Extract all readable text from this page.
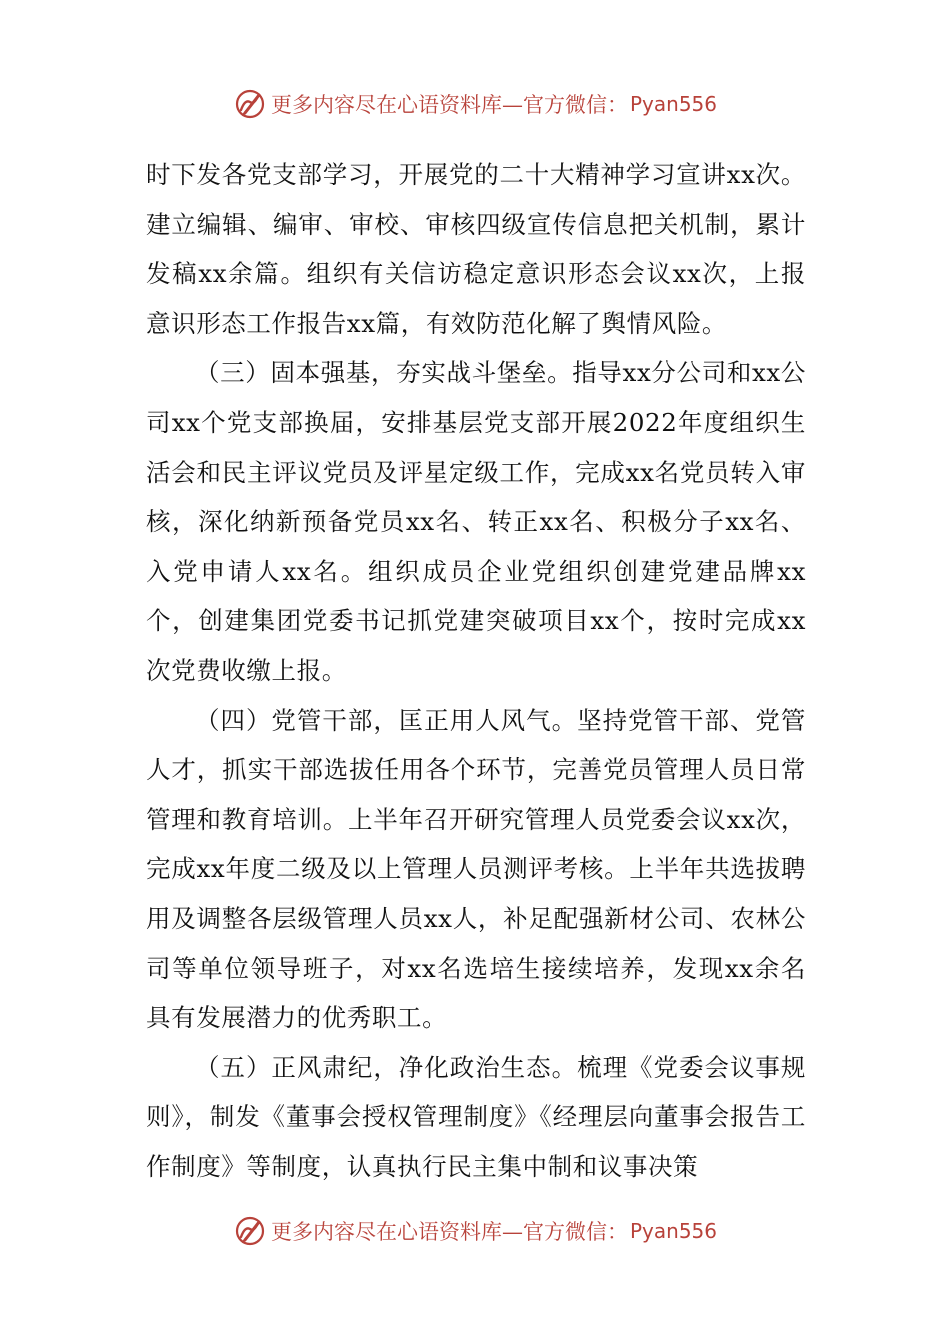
更多内容尽在心语资料库—官方微信： Pyan556

时下发各党支部学习，开展党的二十大精神学习宣讲xx次。建立编辑、编审、审校、审核四级宣传信息把关机制，累计发稿xx余篇。组织有关信访稳定意识形态会议xx次，上报意识形态工作报告xx篇，有效防范化解了舆情风险。

（三）固本强基，夯实战斗堡垒。指导xx分公司和xx公司xx个党支部换届，安排基层党支部开展2022年度组织生活会和民主评议党员及评星定级工作，完成xx名党员转入审核，深化纳新预备党员xx名、转正xx名、积极分子xx名、入党申请人xx名。组织成员企业党组织创建党建品牌xx个，创建集团党委书记抓党建突破项目xx个，按时完成xx次党费收缴上报。

（四）党管干部，匡正用人风气。坚持党管干部、党管人才，抓实干部选拔任用各个环节，完善党员管理人员日常管理和教育培训。上半年召开研究管理人员党委会议xx次，完成xx年度二级及以上管理人员测评考核。上半年共选拔聘用及调整各层级管理人员xx人，补足配强新材公司、农林公司等单位领导班子，对xx名选培生接续培养，发现xx余名具有发展潜力的优秀职工。

（五）正风肃纪，净化政治生态。梳理《党委会议事规则》，制发《董事会授权管理制度》《经理层向董事会报告工作制度》等制度，认真执行民主集中制和议事决策

更多内容尽在心语资料库—官方微信： Pyan556
